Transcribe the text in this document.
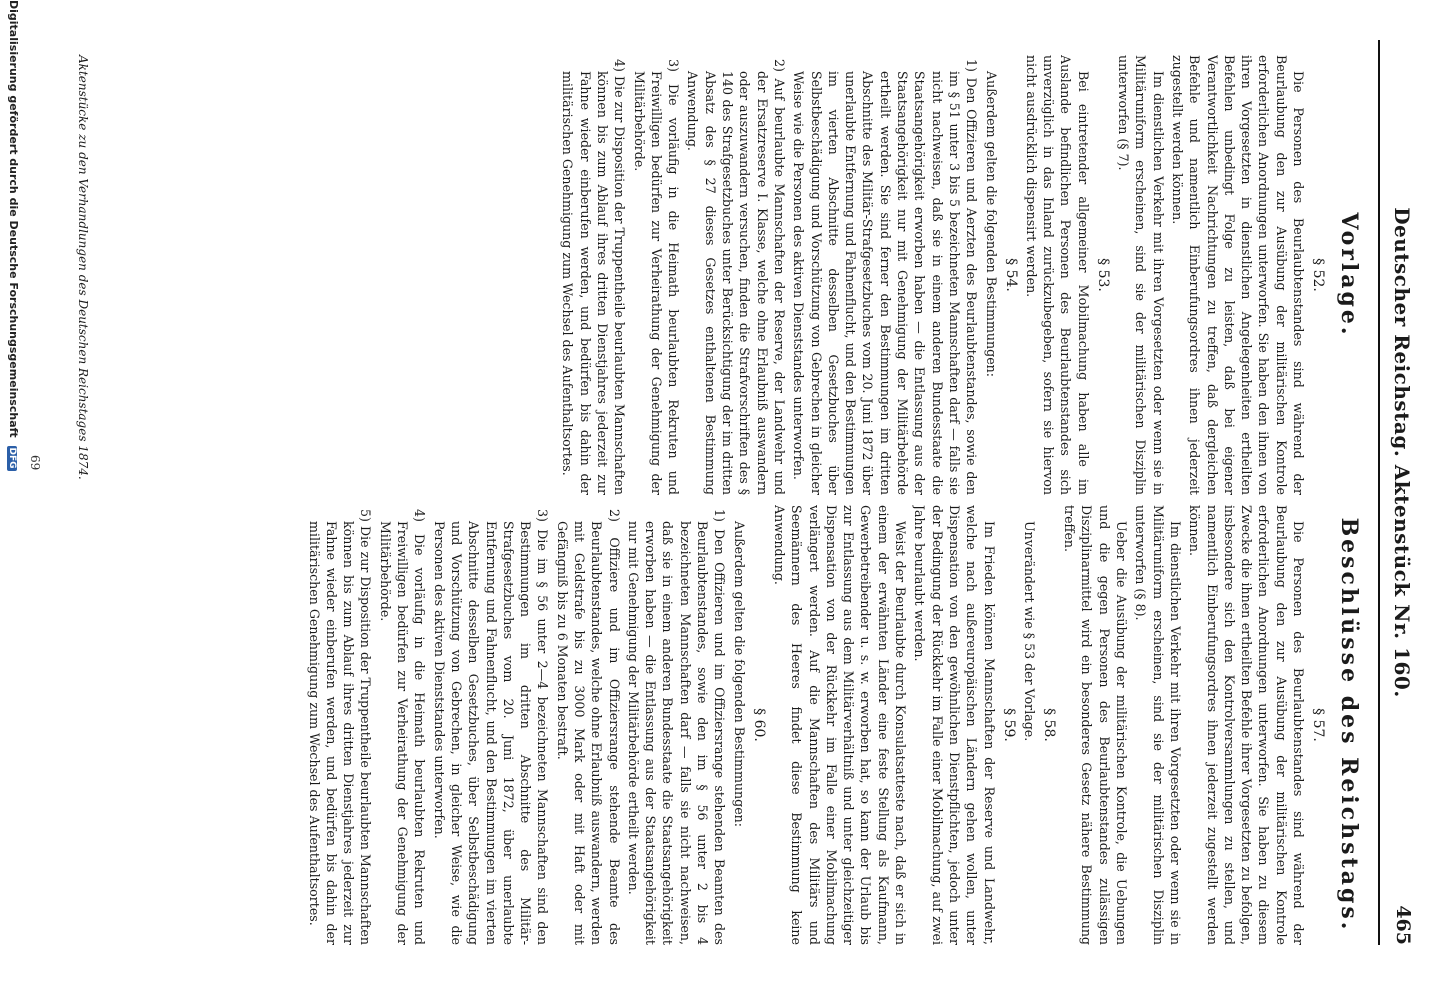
Deutscher Reichstag. Aktenstück Nr. 160.
465
Beschlüsse des Reichstags.
§ 57.
Die Personen des Beurlaubtenstandes sind während der Beurlaubung den zur Ausübung der militärischen Kontrole erforderlichen Anordnungen unterworfen. Sie haben zu diesem Zwecke die ihnen ertheilten Befehle ihrer Vorgesetzten zu befolgen, insbesondere sich den Kontrolversammlungen zu stellen, und namentlich Einberufungsordres ihnen jederzeit zugestellt werden können.
Im dienstlichen Verkehr mit ihren Vorgesetzten oder wenn sie in Militäruniform erscheinen, sind sie der militärischen Disziplin unterworfen (§ 8).
Ueber die Ausübung der militärischen Kontrole, die Uebungen und die gegen Personen des Beurlaubtenstandes zulässigen Disziplinarmittel wird ein besonderes Gesetz nähere Bestimmung treffen.
§ 58.
Unverändert wie § 53 der Vorlage.
§ 59.
Im Frieden können Mannschaften der Reserve und Landwehr, welche nach außereuropäischen Ländern gehen wollen, unter Dispensation von den gewöhnlichen Dienstpflichten, jedoch unter der Bedingung der Rückkehr im Falle einer Mobilmachung, auf zwei Jahre beurlaubt werden.
Weist der Beurlaubte durch Konsulatsatteste nach, daß er sich in einem der erwähnten Länder eine feste Stellung als Kaufmann, Gewerbetreibender u. s. w. erworben hat, so kann der Urlaub bis zur Entlassung aus dem Militärverhältniß und unter gleichzeitiger Dispensation von der Rückkehr im Falle einer Mobilmachung verlängert werden. Auf die Mannschaften des Militärs und Seemännern des Heeres findet diese Bestimmung keine Anwendung.
§ 60.
Außerdem gelten die folgenden Bestimmungen:
1) Den Offizieren und im Offiziersrange stehenden Beamten des Beurlaubtenstandes, sowie den im § 56 unter 2 bis 4 bezeichneten Mannschaften darf — falls sie nicht nachweisen, daß sie in einem anderen Bundesstaate die Staatsangehörigkeit erworben haben — die Entlassung aus der Staatsangehörigkeit nur mit Genehmigung der Militärbehörde ertheilt werden.
2) Offiziere und im Offiziersrange stehende Beamte des Beurlaubtenstandes, welche ohne Erlaubniß auswandern, werden mit Geldstrafe bis zu 3000 Mark oder mit Haft oder mit Gefängniß bis zu 6 Monaten bestraft.
3) Die im § 56 unter 2—4 bezeichneten Mannschaften sind den Bestimmungen im dritten Abschnitte des Militär-Strafgesetzbuches vom 20. Juni 1872, über unerlaubte Entfernung und Fahnenflucht, und den Bestimmungen im vierten Abschnitte desselben Gesetzbuches, über Selbstbeschädigung und Vorschützung von Gebrechen, in gleicher Weise, wie die Personen des aktiven Dienststandes unterworfen.
4) Die vorläufig in die Heimath beurlaubten Rekruten und Freiwilligen bedürfen zur Verheirathung der Genehmigung der Militärbehörde.
5) Die zur Disposition der Truppentheile beurlaubten Mannschaften können bis zum Ablauf ihres dritten Dienstjahres jederzeit zur Fahne wieder einberufen werden, und bedürfen bis dahin der militärischen Genehmigung zum Wechsel des Aufenthaltsortes.
Vorlage.
§ 52.
Die Personen des Beurlaubtenstandes sind während der Beurlaubung den zur Ausübung der militärischen Kontrole erforderlichen Anordnungen unterworfen. Sie haben den ihnen von ihren Vorgesetzten in dienstlichen Angelegenheiten ertheilten Befehlen unbedingt Folge zu leisten, daß bei eigener Verantwortlichkeit Nachrichtungen zu treffen, daß dergleichen Befehle und namentlich Einberufungsordres ihnen jederzeit zugestellt werden können.
Im dienstlichen Verkehr mit ihren Vorgesetzten oder wenn sie in Militäruniform erscheinen, sind sie der militärischen Disziplin unterworfen (§ 7).
§ 53.
Bei eintretender allgemeiner Mobilmachung haben alle im Auslande befindlichen Personen des Beurlaubtenstandes sich unverzüglich in das Inland zurückzubegeben, sofern sie hiervon nicht ausdrücklich dispensirt werden.
§ 54.
Außerdem gelten die folgenden Bestimmungen:
1) Den Offizieren und Aerzten des Beurlaubtenstandes, sowie den im § 51 unter 3 bis 5 bezeichneten Mannschaften darf — falls sie nicht nachweisen, daß sie in einem anderen Bundesstaate die Staatsangehörigkeit erworben haben — die Entlassung aus der Staatsangehörigkeit nur mit Genehmigung der Militärbehörde ertheilt werden. Sie sind ferner den Bestimmungen im dritten Abschnitte des Militär-Strafgesetzbuches vom 20. Juni 1872 über unerlaubte Entfernung und Fahnenflucht, und den Bestimmungen im vierten Abschnitte desselben Gesetzbuches über Selbstbeschädigung und Vorschützung von Gebrechen in gleicher Weise wie die Personen des aktiven Dienststandes unterworfen.
2) Auf beurlaubte Mannschaften der Reserve, der Landwehr und der Ersatzreserve I. Klasse, welche ohne Erlaubniß auswandern oder auszuwandern versuchen, finden die Strafvorschriften des § 140 des Strafgesetzbuches unter Berücksichtigung der im dritten Absatz des § 27 dieses Gesetzes enthaltenen Bestimmung Anwendung.
3) Die vorläufig in die Heimath beurlaubten Rekruten und Freiwilligen bedürfen zur Verheirathung der Genehmigung der Militärbehörde.
4) Die zur Disposition der Truppentheile beurlaubten Mannschaften können bis zum Ablauf ihres dritten Dienstjahres jederzeit zur Fahne wieder einberufen werden, und bedürfen bis dahin der militärischen Genehmigung zum Wechsel des Aufenthaltsortes.
Aktenstücke zu den Verhandlungen des Deutschen Reichstages 1874.
69
Digitalisierung gefördert durch die Deutsche Forschungsgemeinschaft DFG
